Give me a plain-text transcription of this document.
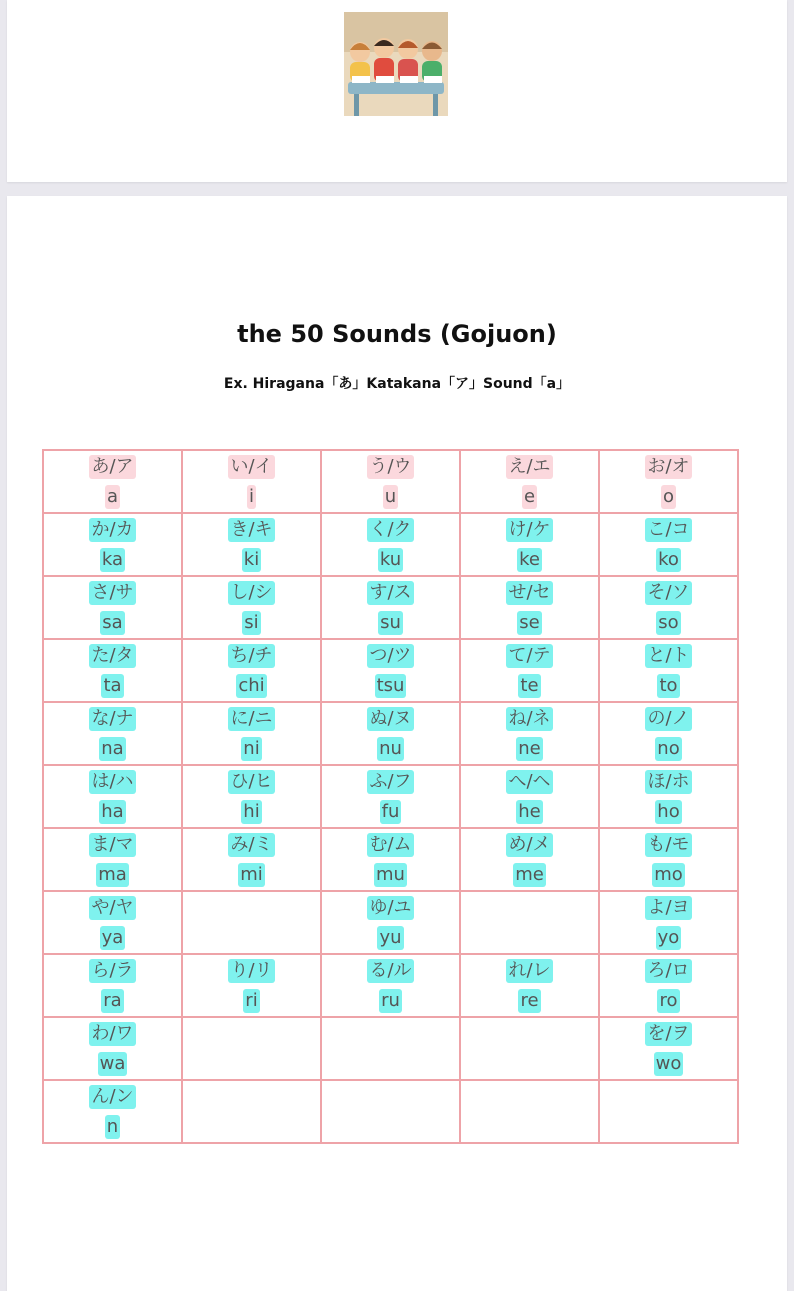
the 50 Sounds (Gojuon)
Ex. Hiragana「あ」Katakana「ア」Sound「a」
あ/ア
a	い/イ
i	う/ウ
u	え/エ
e	お/オ
o

か/カ
ka	き/キ
ki	く/ク
ku	け/ケ
ke	こ/コ
ko

さ/サ
sa	し/シ
si	す/ス
su	せ/セ
se	そ/ソ
so

た/タ
ta	ち/チ
chi	つ/ツ
tsu	て/テ
te	と/ト
to

な/ナ
na	に/ニ
ni	ぬ/ヌ
nu	ね/ネ
ne	の/ノ
no

は/ハ
ha	ひ/ヒ
hi	ふ/フ
fu	へ/ヘ
he	ほ/ホ
ho

ま/マ
ma	み/ミ
mi	む/ム
mu	め/メ
me	も/モ
mo

や/ヤ
ya		ゆ/ユ
yu		よ/ヨ
yo

ら/ラ
ra	り/リ
ri	る/ル
ru	れ/レ
re	ろ/ロ
ro

わ/ワ
wa				を/ヲ
wo

ん/ン
n				
